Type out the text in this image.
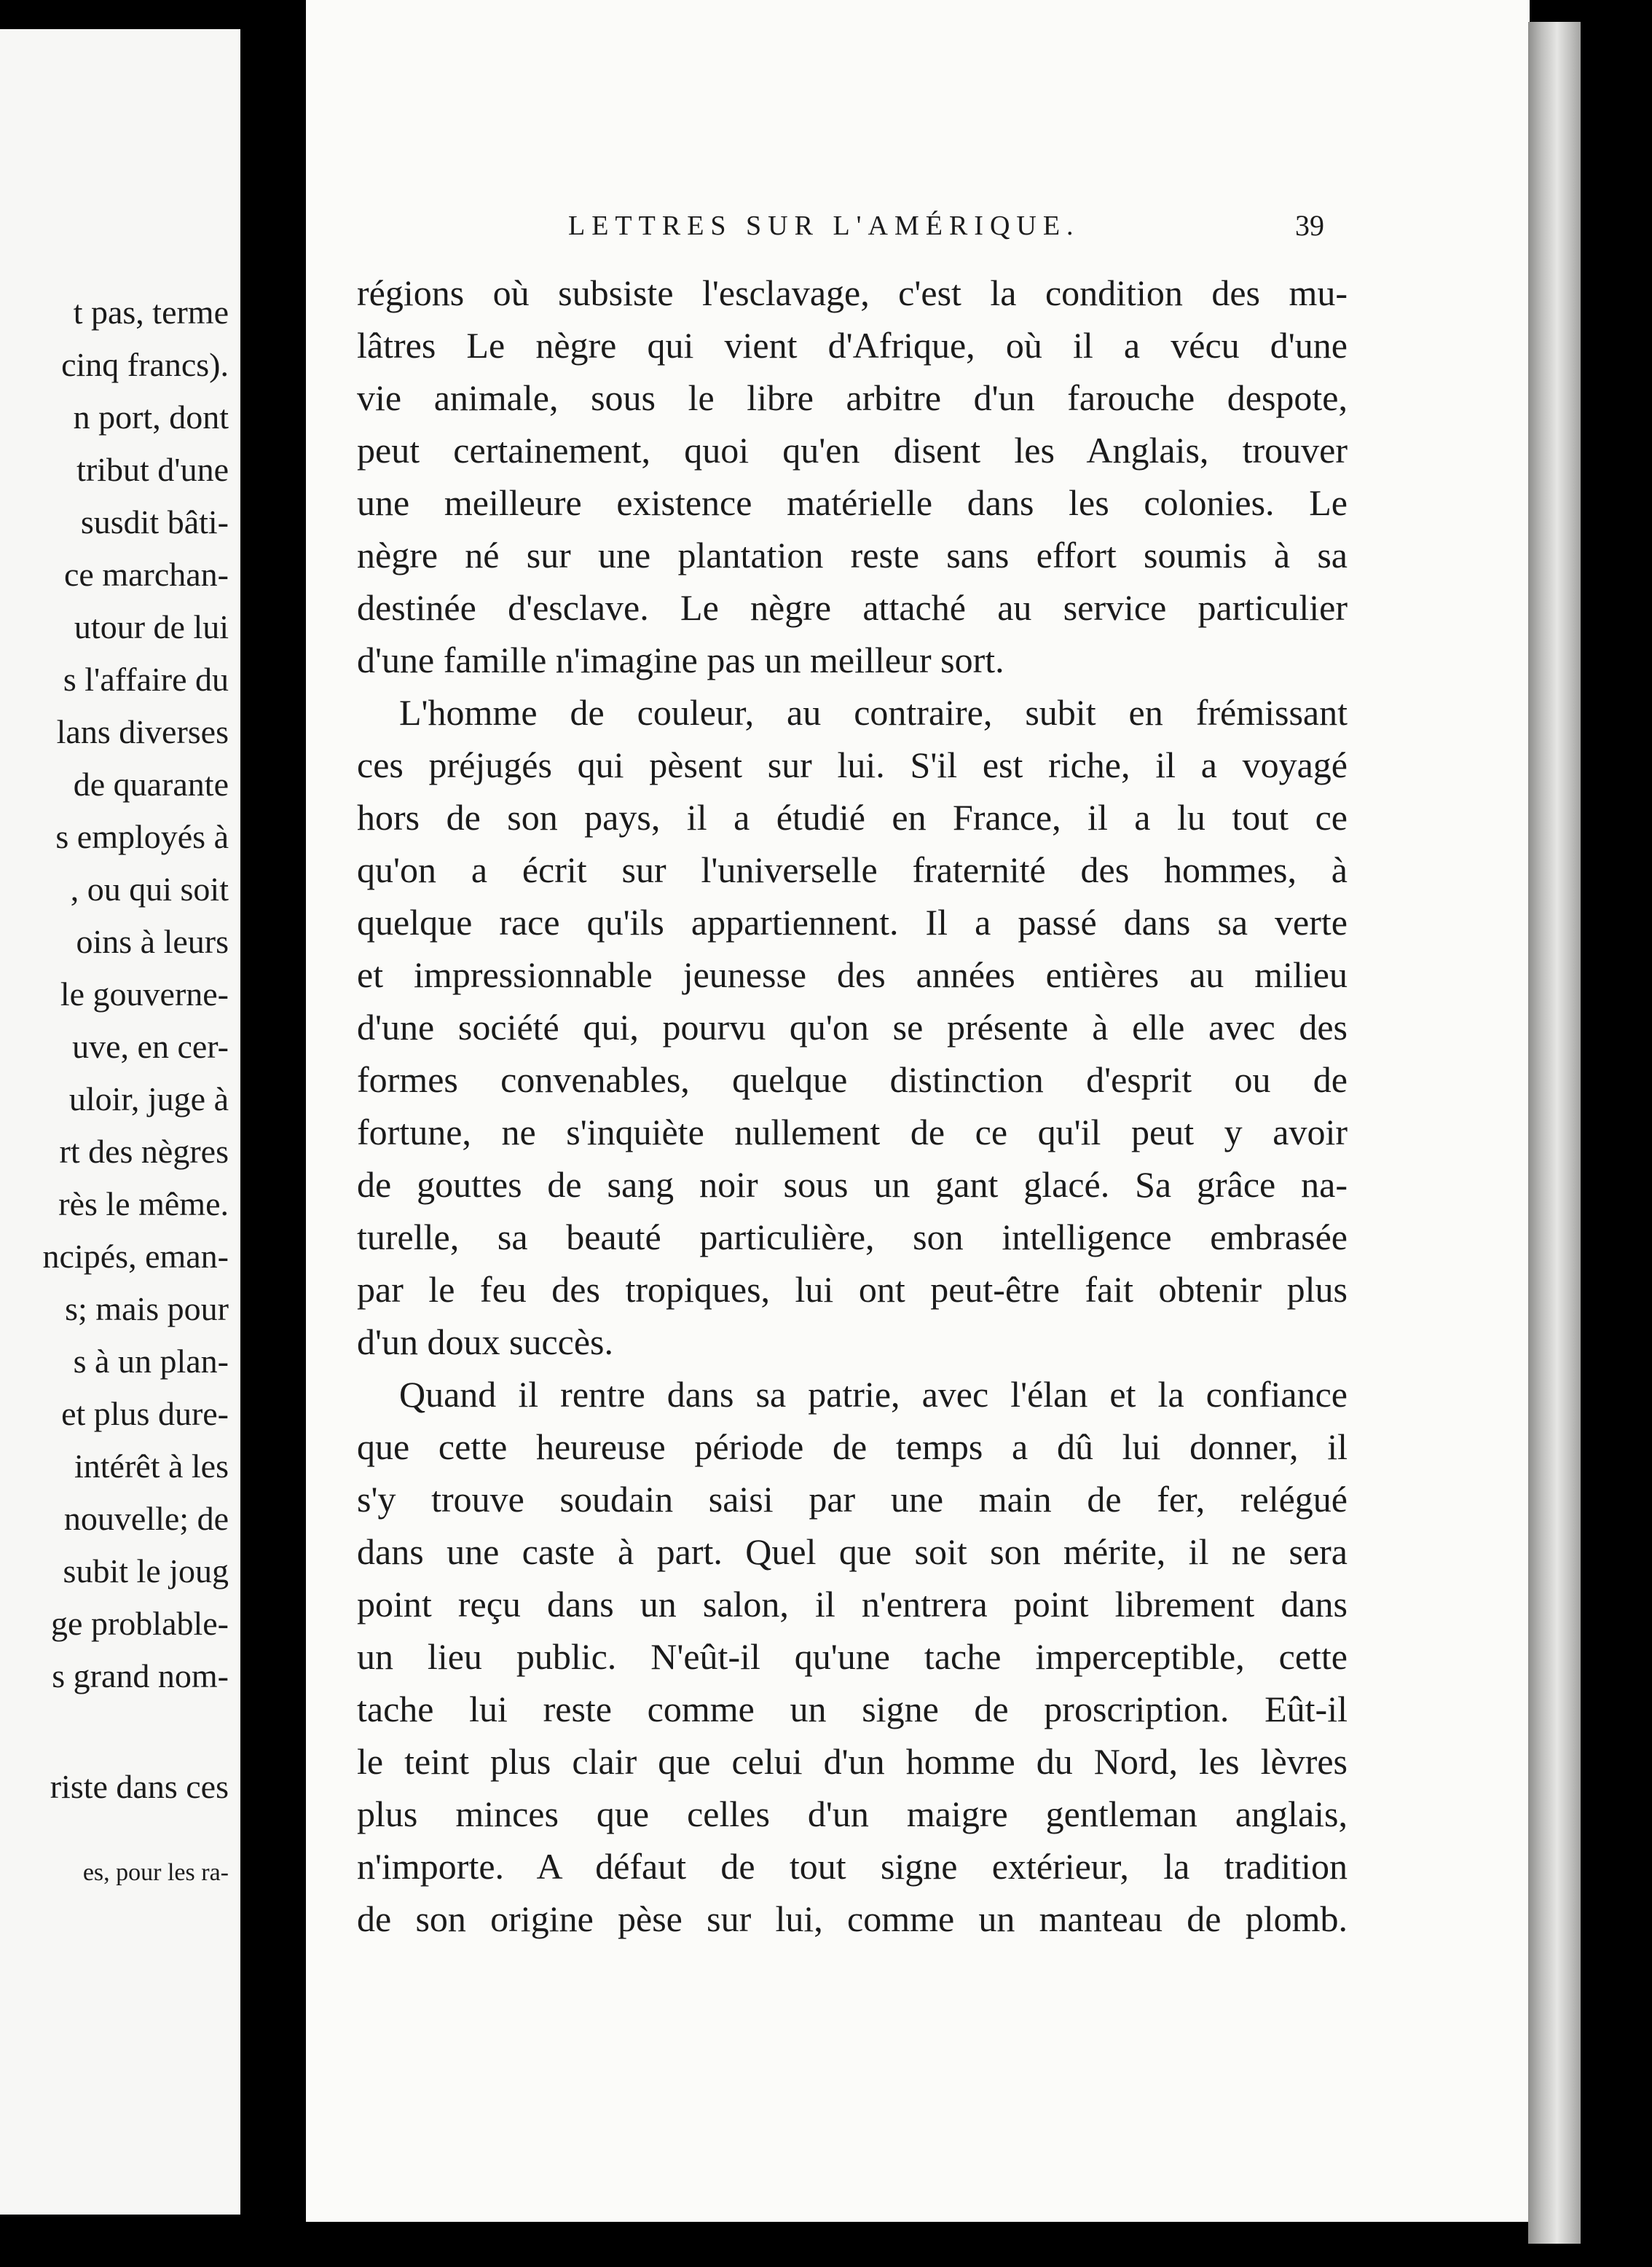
t pas, terme
cinq francs).
n port, dont
tribut d'une
susdit bâti-
ce marchan-
utour de lui
s l'affaire du
lans diverses
de quarante
s employés à
, ou qui soit
oins à leurs
le gouverne-
uve, en cer-
uloir, juge à
rt des nègres
rès le même.
ncipés, eman-
s; mais pour
s à un plan-
et plus dure-
intérêt à les
nouvelle; de
subit le joug
ge problable-
s grand nom-
riste dans ces
es, pour les ra-
LETTRES SUR L'AMÉRIQUE.	39
régions où subsiste l'esclavage, c'est la condition des mu-
lâtres Le nègre qui vient d'Afrique, où il a vécu d'une
vie animale, sous le libre arbitre d'un farouche despote,
peut certainement, quoi qu'en disent les Anglais, trouver
une meilleure existence matérielle dans les colonies. Le
nègre né sur une plantation reste sans effort soumis à sa
destinée d'esclave. Le nègre attaché au service particulier
d'une famille n'imagine pas un meilleur sort.
L'homme de couleur, au contraire, subit en frémissant
ces préjugés qui pèsent sur lui. S'il est riche, il a voyagé
hors de son pays, il a étudié en France, il a lu tout ce
qu'on a écrit sur l'universelle fraternité des hommes, à
quelque race qu'ils appartiennent. Il a passé dans sa verte
et impressionnable jeunesse des années entières au milieu
d'une société qui, pourvu qu'on se présente à elle avec des
formes convenables, quelque distinction d'esprit ou de
fortune, ne s'inquiète nullement de ce qu'il peut y avoir
de gouttes de sang noir sous un gant glacé. Sa grâce na-
turelle, sa beauté particulière, son intelligence embrasée
par le feu des tropiques, lui ont peut-être fait obtenir plus
d'un doux succès.
Quand il rentre dans sa patrie, avec l'élan et la confiance
que cette heureuse période de temps a dû lui donner, il
s'y trouve soudain saisi par une main de fer, relégué
dans une caste à part. Quel que soit son mérite, il ne sera
point reçu dans un salon, il n'entrera point librement dans
un lieu public. N'eût-il qu'une tache imperceptible, cette
tache lui reste comme un signe de proscription. Eût-il
le teint plus clair que celui d'un homme du Nord, les lèvres
plus minces que celles d'un maigre gentleman anglais,
n'importe. A défaut de tout signe extérieur, la tradition
de son origine pèse sur lui, comme un manteau de plomb.
